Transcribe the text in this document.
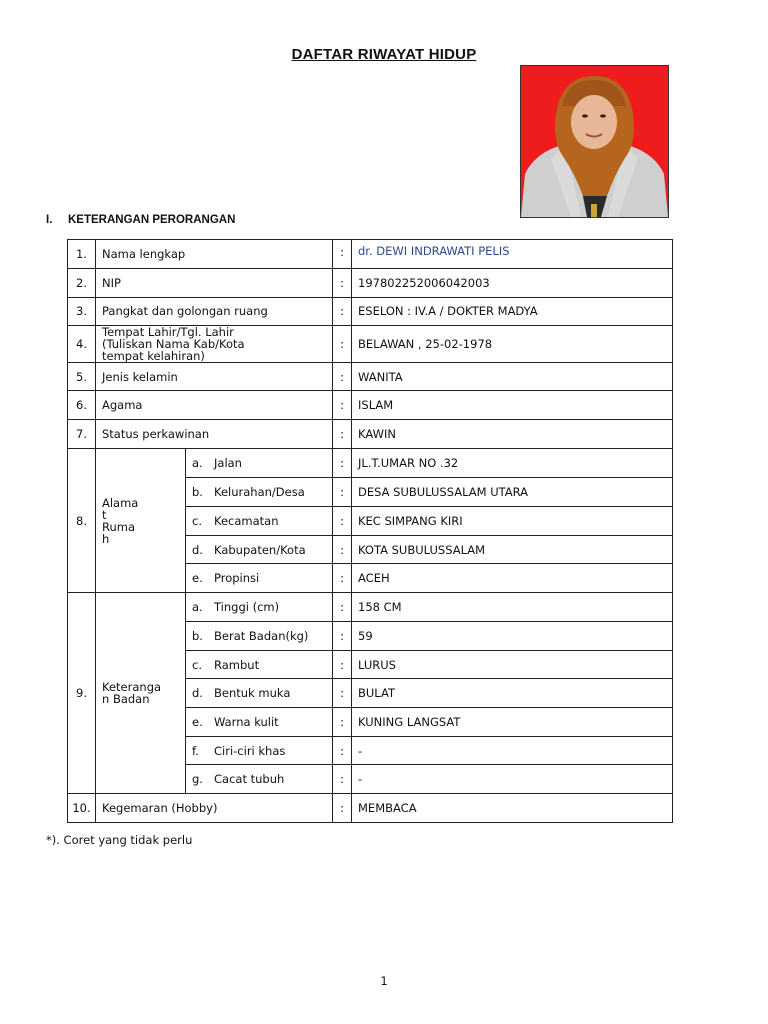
DAFTAR RIWAYAT HIDUP
I. KETERANGAN PERORANGAN
1.	Nama lengkap		:	dr. DEWI INDRAWATI PELIS
2.	NIP		:	197802252006042003
3.	Pangkat dan golongan ruang		:	ESELON : IV.A / DOKTER MADYA
4.	Tempat Lahir/Tgl. Lahir
(Tuliskan Nama Kab/Kota
tempat kelahiran)		:	BELAWAN , 25-02-1978
5.	Jenis kelamin		:	WANITA
6.	Agama		:	ISLAM
7.	Status perkawinan		:	KAWIN
8.	Alama
t
Ruma
h	a. Jalan	:	JL.T.UMAR NO .32
		b. Kelurahan/Desa	:	DESA SUBULUSSALAM UTARA
		c. Kecamatan	:	KEC SIMPANG KIRI
		d. Kabupaten/Kota	:	KOTA SUBULUSSALAM
		e. Propinsi	:	ACEH
9.	Keteranga
n Badan	a. Tinggi (cm)	:	158 CM
		b. Berat Badan(kg)	:	59
		c. Rambut	:	LURUS
		d. Bentuk muka	:	BULAT
		e. Warna kulit	:	KUNING LANGSAT
		f. Ciri-ciri khas	:	-
		g. Cacat tubuh	:	-
10.	Kegemaran (Hobby)		:	MEMBACA
*). Coret yang tidak perlu
1
